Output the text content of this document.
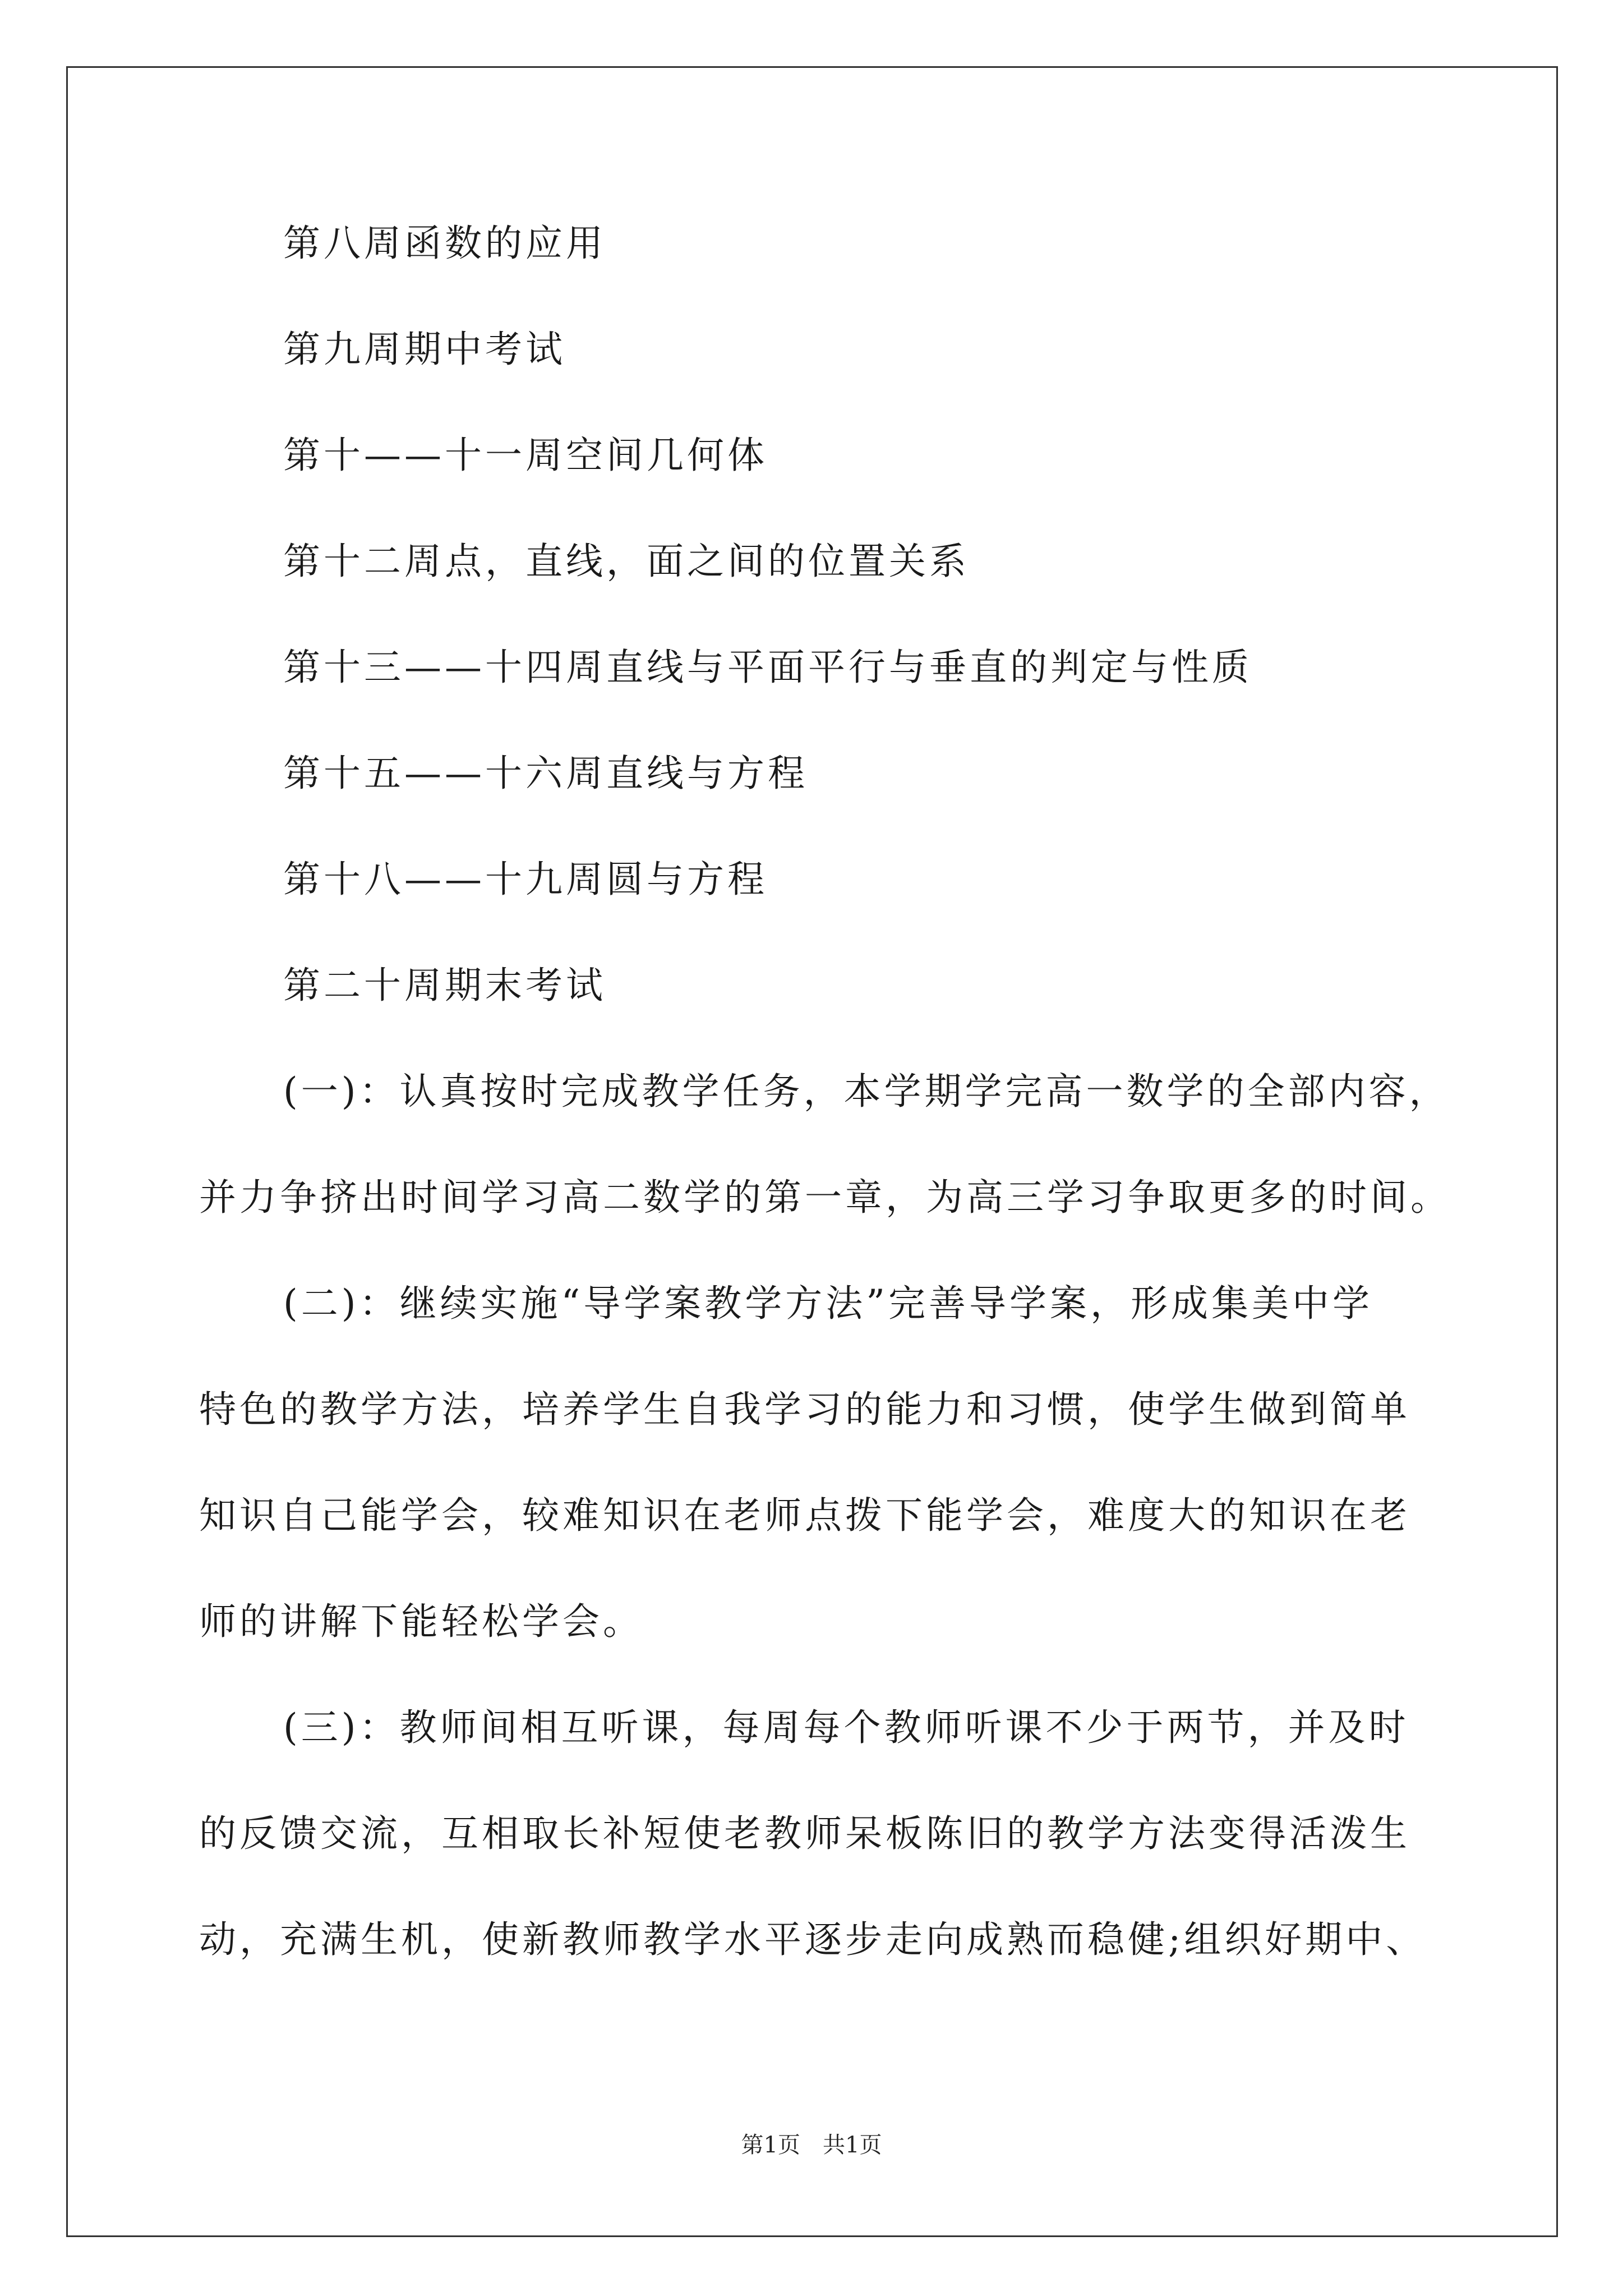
第八周函数的应用
第九周期中考试
第十——十一周空间几何体
第十二周点，直线，面之间的位置关系
第十三——十四周直线与平面平行与垂直的判定与性质
第十五——十六周直线与方程
第十八——十九周圆与方程
第二十周期末考试
(一)：认真按时完成教学任务，本学期学完高一数学的全部内容，
并力争挤出时间学习高二数学的第一章，为高三学习争取更多的时间。
(二)：继续实施“导学案教学方法”完善导学案，形成集美中学
特色的教学方法，培养学生自我学习的能力和习惯，使学生做到简单
知识自己能学会，较难知识在老师点拨下能学会，难度大的知识在老
师的讲解下能轻松学会。
(三)：教师间相互听课，每周每个教师听课不少于两节，并及时
的反馈交流，互相取长补短使老教师呆板陈旧的教学方法变得活泼生
动，充满生机，使新教师教学水平逐步走向成熟而稳健;组织好期中、
第1页　共1页
